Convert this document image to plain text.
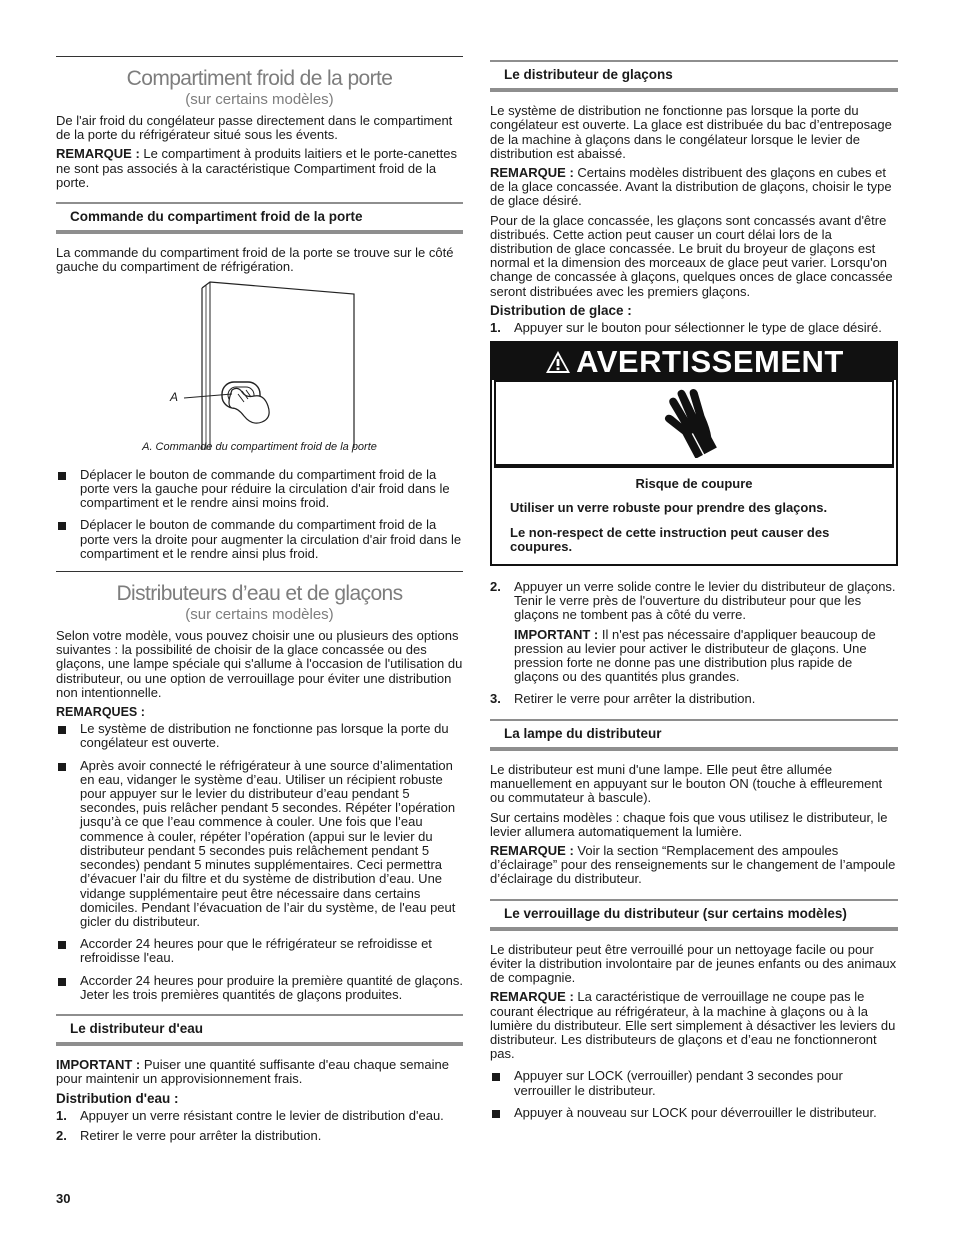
Compartiment froid de la porte
(sur certains modèles)

De l'air froid du congélateur passe directement dans le compartiment de la porte du réfrigérateur situé sous les évents.

REMARQUE : Le compartiment à produits laitiers et le porte-canettes ne sont pas associés à la caractéristique Compartiment froid de la porte.

Commande du compartiment froid de la porte

La commande du compartiment froid de la porte se trouve sur le côté gauche du compartiment de réfrigération.

A
A. Commande du compartiment froid de la porte
Déplacer le bouton de commande du compartiment froid de la porte vers la gauche pour réduire la circulation d'air froid dans le compartiment et le rendre ainsi moins froid.
Déplacer le bouton de commande du compartiment froid de la porte vers la droite pour augmenter la circulation d'air froid dans le compartiment et le rendre ainsi plus froid.
Distributeurs d’eau et de glaçons
(sur certains modèles)

Selon votre modèle, vous pouvez choisir une ou plusieurs des options suivantes : la possibilité de choisir de la glace concassée ou des glaçons, une lampe spéciale qui s'allume à l'occasion de l'utilisation du distributeur, ou une option de verrouillage pour éviter une distribution non intentionnelle.

REMARQUES :
Le système de distribution ne fonctionne pas lorsque la porte du congélateur est ouverte.
Après avoir connecté le réfrigérateur à une source d’alimentation en eau, vidanger le système d’eau. Utiliser un récipient robuste pour appuyer sur le levier du distributeur d’eau pendant 5 secondes, puis relâcher pendant 5 secondes. Répéter l’opération jusqu’à ce que l’eau commence à couler. Une fois que l’eau commence à couler, répéter l’opération (appui sur le levier du distributeur pendant 5 secondes puis relâchement pendant 5 secondes) pendant 5 minutes supplémentaires. Ceci permettra d’évacuer l’air du filtre et du système de distribution d’eau. Une vidange supplémentaire peut être nécessaire dans certains domiciles. Pendant l’évacuation de l’air du système, de l'eau peut gicler du distributeur.
Accorder 24 heures pour que le réfrigérateur se refroidisse et refroidisse l'eau.
Accorder 24 heures pour produire la première quantité de glaçons. Jeter les trois premières quantités de glaçons produites.
Le distributeur d'eau

IMPORTANT : Puiser une quantité suffisante d'eau chaque semaine pour maintenir un approvisionnement frais.

Distribution d'eau :
1. Appuyer un verre résistant contre le levier de distribution d'eau.
2. Retirer le verre pour arrêter la distribution.
Le distributeur de glaçons

Le système de distribution ne fonctionne pas lorsque la porte du congélateur est ouverte. La glace est distribuée du bac d’entreposage de la machine à glaçons dans le congélateur lorsque le levier de distribution est abaissé.

REMARQUE : Certains modèles distribuent des glaçons en cubes et de la glace concassée. Avant la distribution de glaçons, choisir le type de glace désiré.

Pour de la glace concassée, les glaçons sont concassés avant d'être distribués. Cette action peut causer un court délai lors de la distribution de glace concassée. Le bruit du broyeur de glaçons est normal et la dimension des morceaux de glace peut varier. Lorsqu'on change de concassée à glaçons, quelques onces de glace concassée seront distribuées avec les premiers glaçons.

Distribution de glace :
1. Appuyer sur le bouton pour sélectionner le type de glace désiré.
AVERTISSEMENT

Risque de coupure

Utiliser un verre robuste pour prendre des glaçons.

Le non-respect de cette instruction peut causer des coupures.

2. Appuyer un verre solide contre le levier du distributeur de glaçons. Tenir le verre près de l'ouverture du distributeur pour que les glaçons ne tombent pas à côté du verre.
IMPORTANT : Il n'est pas nécessaire d'appliquer beaucoup de pression au levier pour activer le distributeur de glaçons. Une pression forte ne donne pas une distribution plus rapide de glaçons ou des quantités plus grandes.
3. Retirer le verre pour arrêter la distribution.
La lampe du distributeur

Le distributeur est muni d'une lampe. Elle peut être allumée manuellement en appuyant sur le bouton ON (touche à effleurement ou commutateur à bascule).

Sur certains modèles : chaque fois que vous utilisez le distributeur, le levier allumera automatiquement la lumière.

REMARQUE : Voir la section “Remplacement des ampoules d’éclairage” pour des renseignements sur le changement de l’ampoule d’éclairage du distributeur.

Le verrouillage du distributeur (sur certains modèles)

Le distributeur peut être verrouillé pour un nettoyage facile ou pour éviter la distribution involontaire par de jeunes enfants ou des animaux de compagnie.

REMARQUE : La caractéristique de verrouillage ne coupe pas le courant électrique au réfrigérateur, à la machine à glaçons ou à la lumière du distributeur. Elle sert simplement à désactiver les leviers du distributeur. Les distributeurs de glaçons et d’eau ne fonctionneront pas.

Appuyer sur LOCK (verrouiller) pendant 3 secondes pour verrouiller le distributeur.
Appuyer à nouveau sur LOCK pour déverrouiller le distributeur.
30
